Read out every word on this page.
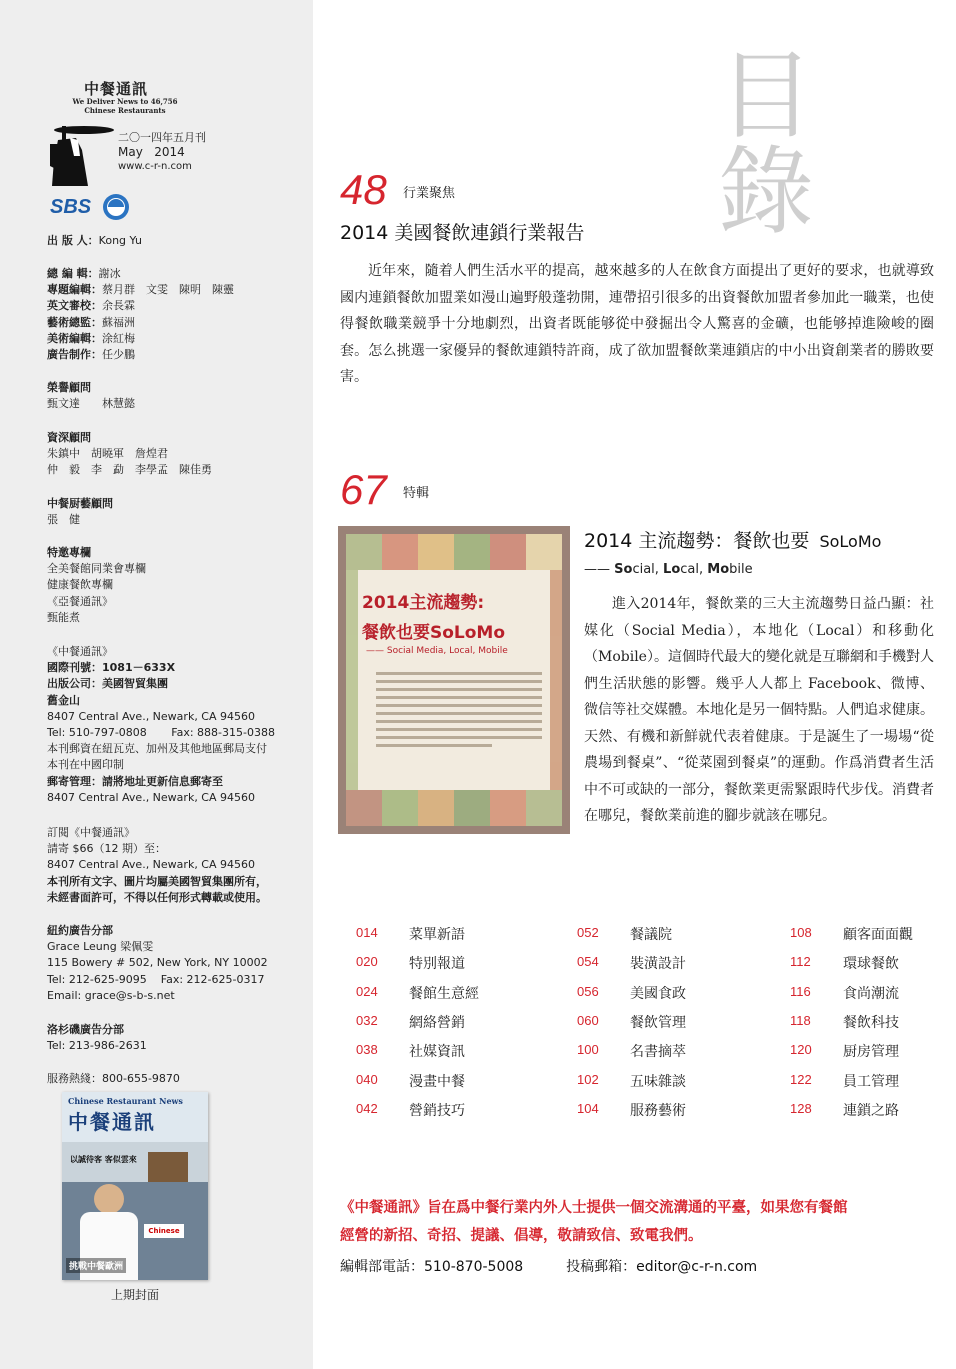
中餐通訊
We Deliver News to 46,756
Chinese Restaurants
二〇一四年五月刊
May   2014
www.c-r-n.com
SBS
出 版 人：Kong Yu
總 編 輯：謝冰
專題編輯：蔡月群　文雯　陳明　陳靈
英文審校：余長霖
藝術總監：蘇福洲
美術編輯：涂紅梅
廣告制作：任少鵬
榮譽顧問
甄文達　　林慧懿
資深顧問
朱鎮中　胡曉軍　詹煌君
仲　毅　李　勐　李學孟　陳佳勇
中餐厨藝顧問
張　健
特邀專欄
全美餐館同業會專欄
健康餐飲專欄
《亞餐通訊》
甄能煮
《中餐通訊》
國際刊號：1081－633X
出版公司：美國智貿集團
舊金山
8407 Central Ave., Newark, CA 94560
Tel: 510-797-0808       Fax: 888-315-0388
本刊郵資在紐瓦克、加州及其他地區郵局支付
本刊在中國印制
郵寄管理：請將地址更新信息郵寄至
8407 Central Ave., Newark, CA 94560
訂閱《中餐通訊》
請寄 $66（12 期）至：
8407 Central Ave., Newark, CA 94560
本刊所有文字、圖片均屬美國智貿集團所有，
未經書面許可，不得以任何形式轉載或使用。
紐約廣告分部
Grace Leung 梁佩雯
115 Bowery # 502, New York, NY 10002
Tel: 212-625-9095    Fax: 212-625-0317
Email: grace@s-b-s.net
洛杉磯廣告分部
Tel: 213-986-2631
服務熱綫：800-655-9870
Chinese Restaurant News
中餐通訊
以誠待客 客似雲來
Chinese
挑戰中餐歐洲
上期封面
目錄
48 行業聚焦
2014 美國餐飲連鎖行業報告
近年來，隨着人們生活水平的提高，越來越多的人在飲食方面提出了更好的要求，也就導致國内連鎖餐飲加盟業如漫山遍野般蓬勃開，連帶招引很多的出資餐飲加盟者參加此一職業，也使得餐飲職業競爭十分地劇烈，出資者既能够從中發掘出令人驚喜的金礦，也能够掉進險峻的圈套。怎么挑選一家優异的餐飲連鎖特許商，成了欲加盟餐飲業連鎖店的中小出資創業者的勝敗要害。
67 特輯
2014主流趨勢:
餐飲也要SoLoMo
—— Social Media, Local, Mobile
2014 主流趨勢：餐飲也要 SoLoMo
—— Social, Local, Mobile
進入2014年，餐飲業的三大主流趨勢日益凸顯：社媒化（Social Media），本地化（Local）和移動化（Mobile）。這個時代最大的變化就是互聯網和手機對人們生活狀態的影響。幾乎人人都上 Facebook、微博、微信等社交媒體。本地化是另一個特點。人們追求健康。天然、有機和新鮮就代表着健康。于是誕生了一場場“從農場到餐桌”、“從菜園到餐桌”的運動。作爲消費者生活中不可或缺的一部分，餐飲業更需緊跟時代步伐。消費者在哪兒，餐飲業前進的腳步就該在哪兒。
014 菜單新語
020 特別報道
024 餐館生意經
032 網絡營銷
038 社媒資訊
040 漫畫中餐
042 營銷技巧
052 餐議院
054 裝潢設計
056 美國食政
060 餐飲管理
100 名書摘萃
102 五味雜談
104 服務藝術
108 顧客面面觀
112 環球餐飲
116 食尚潮流
118 餐飲科技
120 厨房管理
122 員工管理
128 連鎖之路
《中餐通訊》旨在爲中餐行業内外人士提供一個交流溝通的平臺，如果您有餐館
經營的新招、奇招、提議、倡導，敬請致信、致電我們。
編輯部電話：510-870-5008	投稿郵箱：editor@c-r-n.com
